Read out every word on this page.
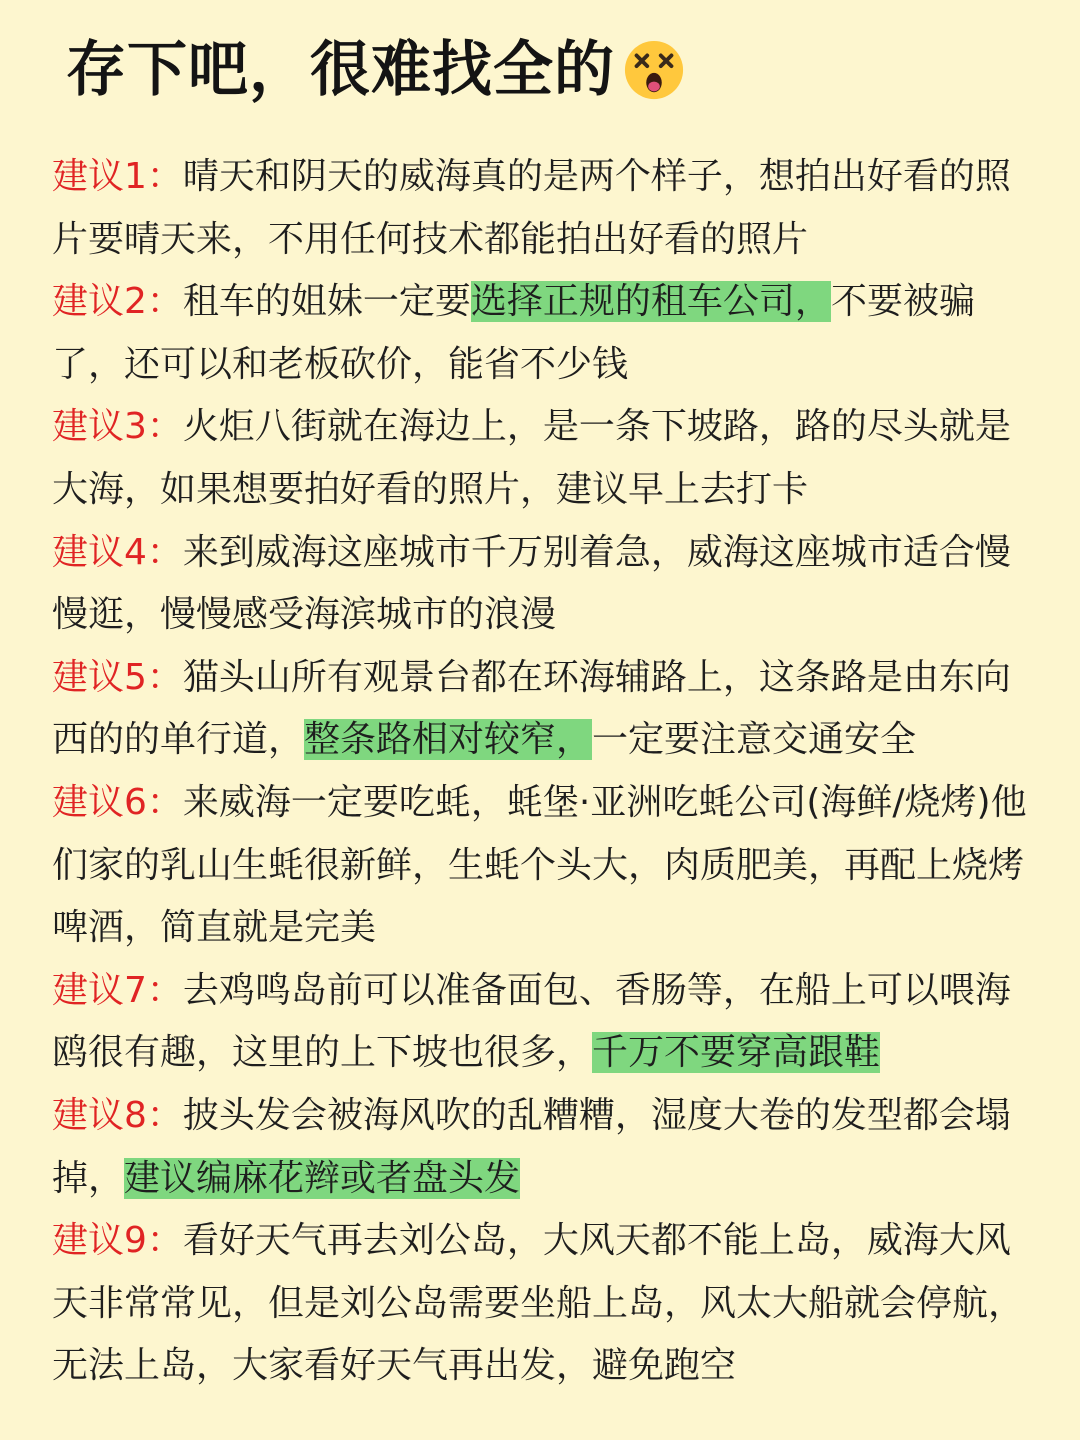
存下吧，很难找全的

建议1：晴天和阴天的威海真的是两个样子，想拍出好看的照片要晴天来，不用任何技术都能拍出好看的照片

建议2：租车的姐妹一定要选择正规的租车公司，不要被骗了，还可以和老板砍价，能省不少钱

建议3：火炬八街就在海边上，是一条下坡路，路的尽头就是大海，如果想要拍好看的照片，建议早上去打卡

建议4：来到威海这座城市千万别着急，威海这座城市适合慢慢逛，慢慢感受海滨城市的浪漫

建议5：猫头山所有观景台都在环海辅路上，这条路是由东向西的的单行道，整条路相对较窄，一定要注意交通安全

建议6：来威海一定要吃蚝，蚝堡·亚洲吃蚝公司(海鲜/烧烤)他们家的乳山生蚝很新鲜，生蚝个头大，肉质肥美，再配上烧烤啤酒，简直就是完美

建议7：去鸡鸣岛前可以准备面包、香肠等，在船上可以喂海鸥很有趣，这里的上下坡也很多，千万不要穿高跟鞋

建议8：披头发会被海风吹的乱糟糟，湿度大卷的发型都会塌掉，建议编麻花辫或者盘头发

建议9：看好天气再去刘公岛，大风天都不能上岛，威海大风天非常常见，但是刘公岛需要坐船上岛，风太大船就会停航，无法上岛，大家看好天气再出发，避免跑空
